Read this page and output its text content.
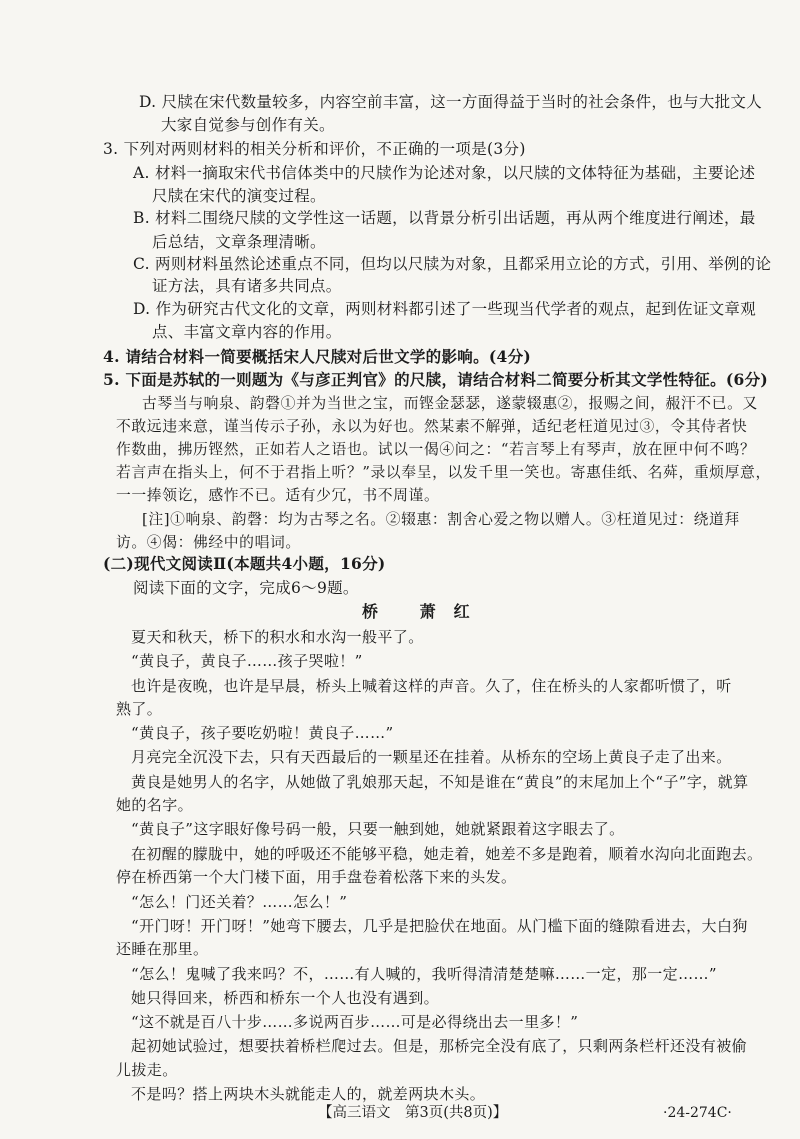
D. 尺牍在宋代数量较多，内容空前丰富，这一方面得益于当时的社会条件，也与大批文人
大家自觉参与创作有关。
3. 下列对两则材料的相关分析和评价，不正确的一项是(3分)
A. 材料一摘取宋代书信体类中的尺牍作为论述对象，以尺牍的文体特征为基础，主要论述
尺牍在宋代的演变过程。
B. 材料二围绕尺牍的文学性这一话题，以背景分析引出话题，再从两个维度进行阐述，最
后总结，文章条理清晰。
C. 两则材料虽然论述重点不同，但均以尺牍为对象，且都采用立论的方式，引用、举例的论
证方法，具有诸多共同点。
D. 作为研究古代文化的文章，两则材料都引述了一些现当代学者的观点，起到佐证文章观
点、丰富文章内容的作用。
4. 请结合材料一简要概括宋人尺牍对后世文学的影响。(4分)
5. 下面是苏轼的一则题为《与彦正判官》的尺牍，请结合材料二简要分析其文学性特征。(6分)
古琴当与响泉、韵磬①并为当世之宝，而铿金瑟瑟，遂蒙辍惠②，报赐之间，赧汗不已。又
不敢远违来意，谨当传示子孙，永以为好也。然某素不解弹，适纪老枉道见过③，令其侍者快
作数曲，拂历铿然，正如若人之语也。试以一偈④问之：“若言琴上有琴声，放在匣中何不鸣？
若言声在指头上，何不于君指上听？”录以奉呈，以发千里一笑也。寄惠佳纸、名荈，重烦厚意，
一一捧领讫，感怍不已。适有少冗，书不周谨。
[注]①响泉、韵磬：均为古琴之名。②辍惠：割舍心爱之物以赠人。③枉道见过：绕道拜
访。④偈：佛经中的唱词。
(二)现代文阅读Ⅱ(本题共4小题，16分)
阅读下面的文字，完成6～9题。
桥 萧红
夏天和秋天，桥下的积水和水沟一般平了。
“黄良子，黄良子……孩子哭啦！”
也许是夜晚，也许是早晨，桥头上喊着这样的声音。久了，住在桥头的人家都听惯了，听
熟了。
“黄良子，孩子要吃奶啦！黄良子……”
月亮完全沉没下去，只有天西最后的一颗星还在挂着。从桥东的空场上黄良子走了出来。
黄良是她男人的名字，从她做了乳娘那天起，不知是谁在“黄良”的末尾加上个“子”字，就算
她的名字。
“黄良子”这字眼好像号码一般，只要一触到她，她就紧跟着这字眼去了。
在初醒的朦胧中，她的呼吸还不能够平稳，她走着，她差不多是跑着，顺着水沟向北面跑去。
停在桥西第一个大门楼下面，用手盘卷着松落下来的头发。
“怎么！门还关着？……怎么！”
“开门呀！开门呀！”她弯下腰去，几乎是把脸伏在地面。从门槛下面的缝隙看进去，大白狗
还睡在那里。
“怎么！鬼喊了我来吗？不，……有人喊的，我听得清清楚楚嘛……一定，那一定……”
她只得回来，桥西和桥东一个人也没有遇到。
“这不就是百八十步……多说两百步……可是必得绕出去一里多！”
起初她试验过，想要扶着桥栏爬过去。但是，那桥完全没有底了，只剩两条栏杆还没有被偷
儿拔走。
不是吗？搭上两块木头就能走人的，就差两块木头。
【高三语文　第3页(共8页)】	·24-274C·
